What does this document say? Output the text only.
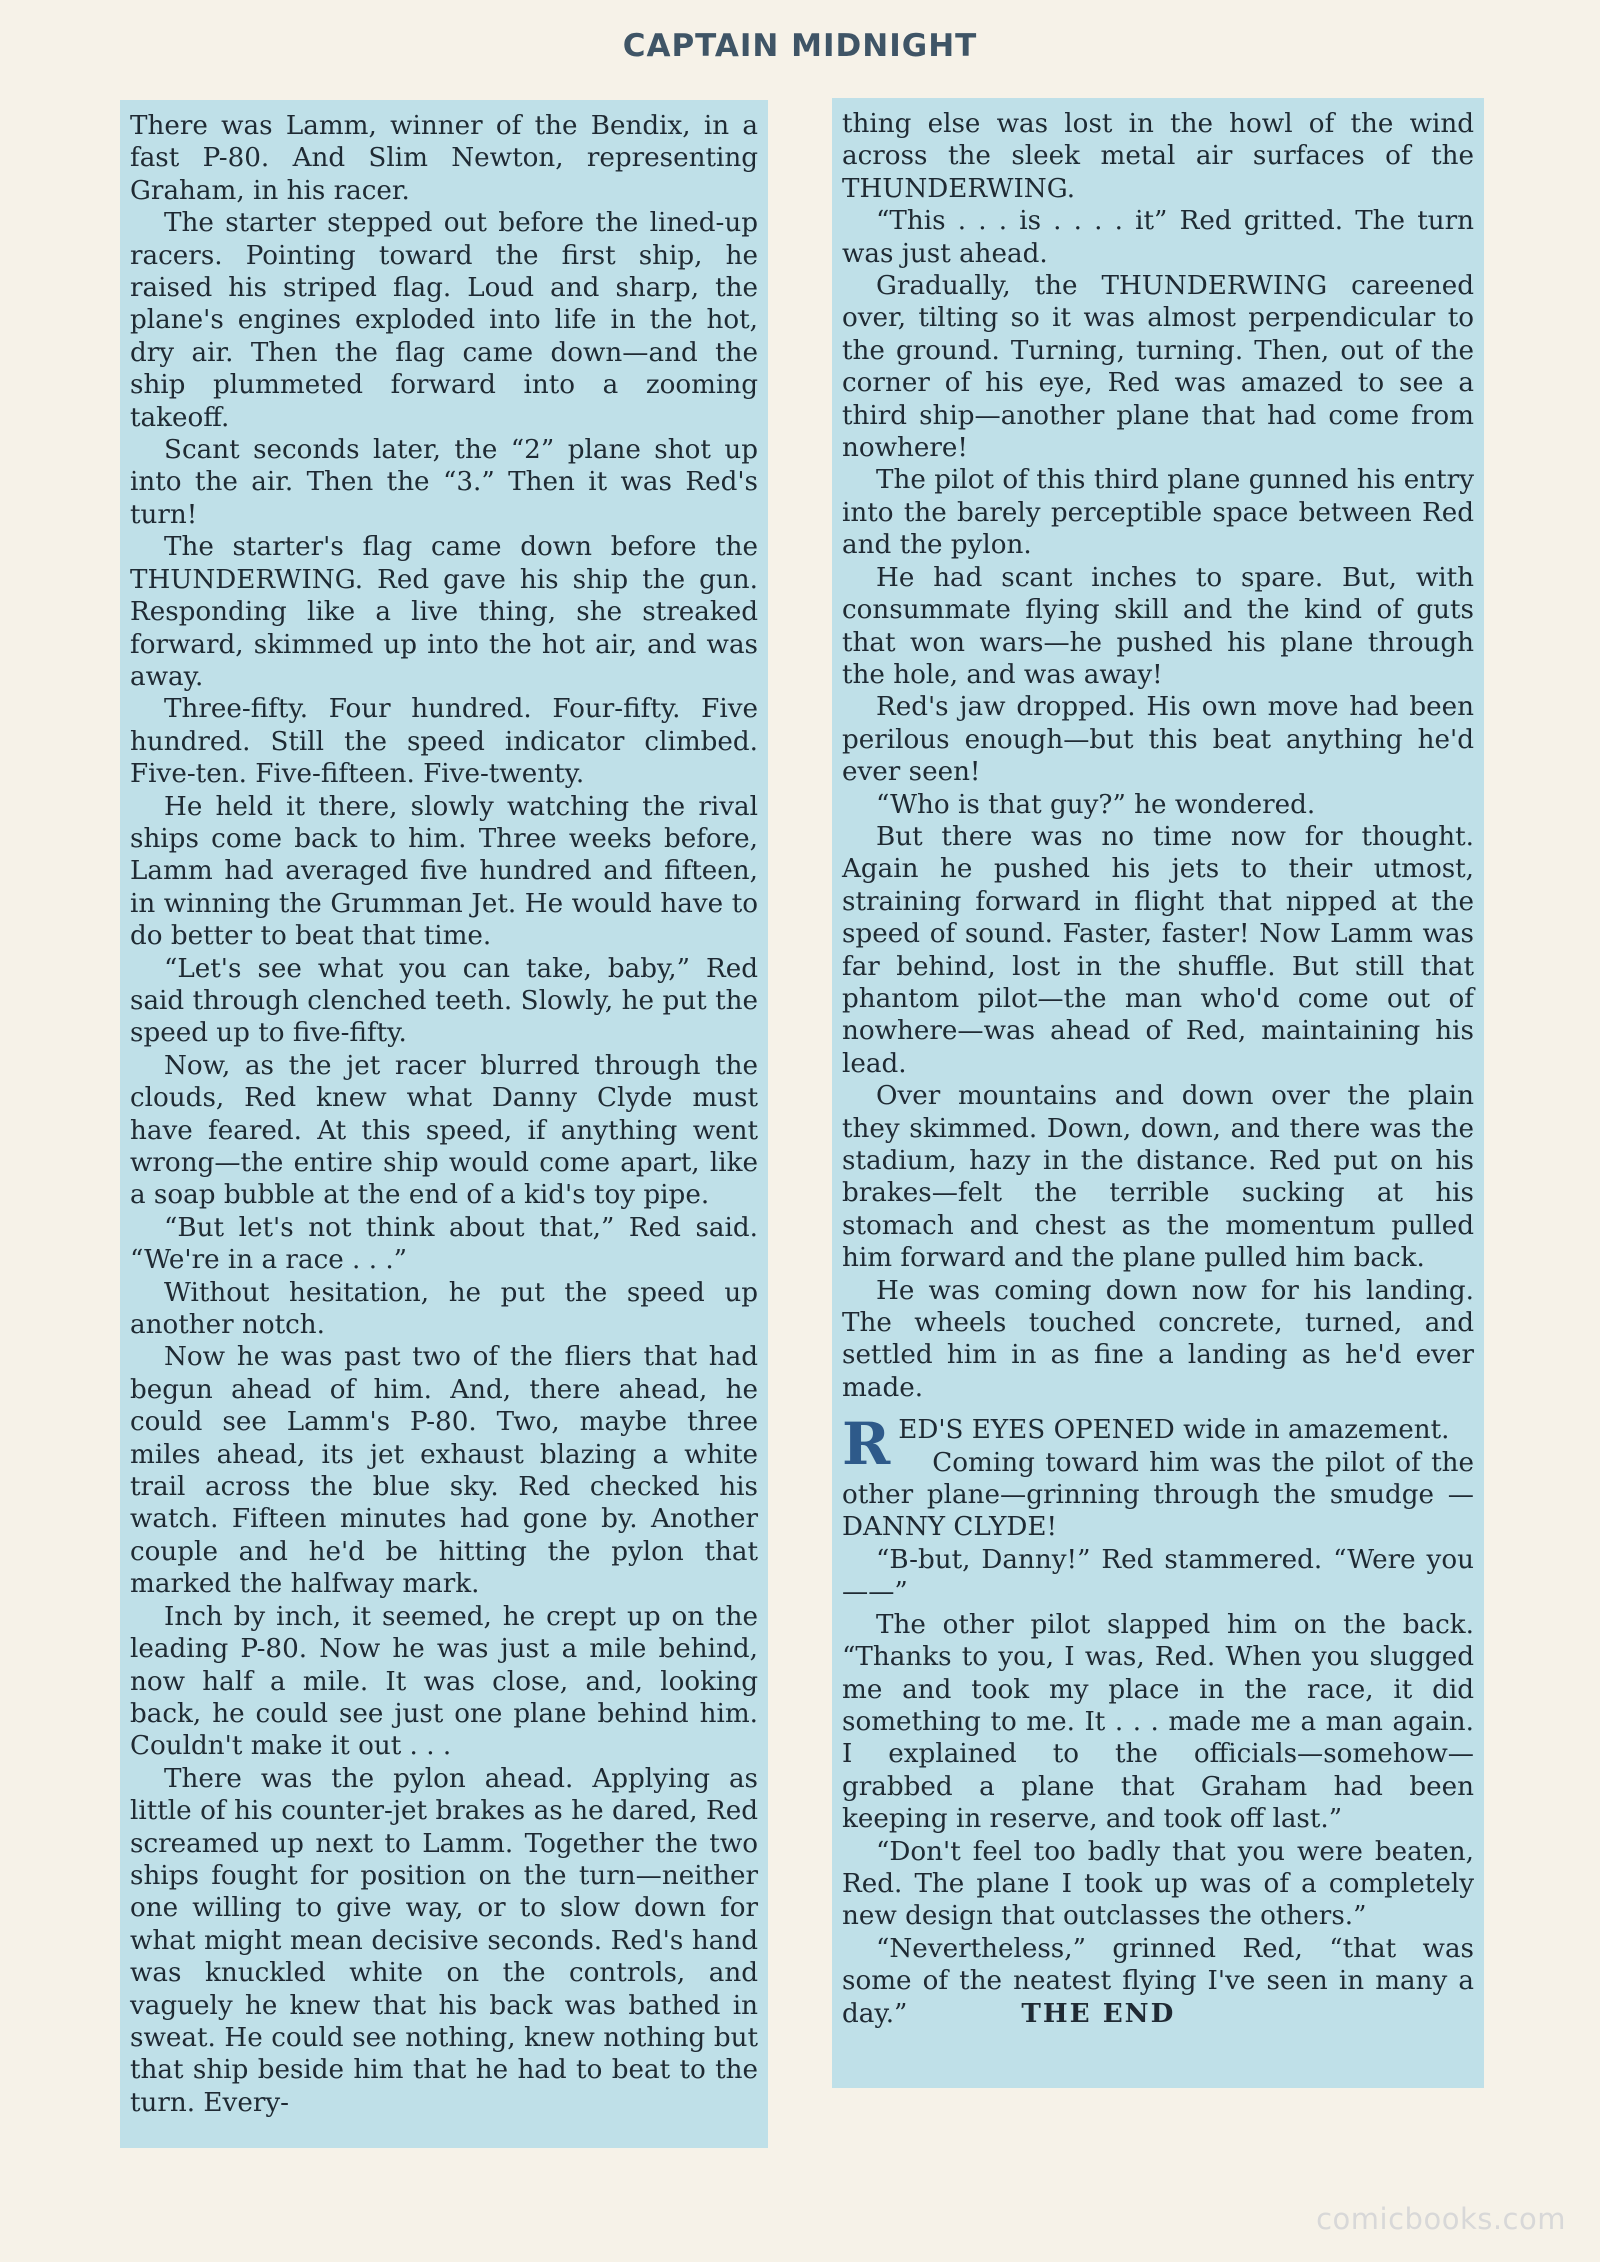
CAPTAIN MIDNIGHT

There was Lamm, winner of the Bendix, in a fast P-80. And Slim Newton, representing Graham, in his racer.

The starter stepped out before the lined-up racers. Pointing toward the first ship, he raised his striped flag. Loud and sharp, the plane's engines exploded into life in the hot, dry air. Then the flag came down—and the ship plummeted forward into a zooming takeoff.

Scant seconds later, the “2” plane shot up into the air. Then the “3.” Then it was Red's turn!

The starter's flag came down before the THUNDERWING. Red gave his ship the gun. Responding like a live thing, she streaked forward, skimmed up into the hot air, and was away.

Three-fifty. Four hundred. Four-fifty. Five hundred. Still the speed indicator climbed. Five-ten. Five-fifteen. Five-twenty.

He held it there, slowly watching the rival ships come back to him. Three weeks before, Lamm had averaged five hundred and fifteen, in winning the Grumman Jet. He would have to do better to beat that time.

“Let's see what you can take, baby,” Red said through clenched teeth. Slowly, he put the speed up to five-fifty.

Now, as the jet racer blurred through the clouds, Red knew what Danny Clyde must have feared. At this speed, if anything went wrong—the entire ship would come apart, like a soap bubble at the end of a kid's toy pipe.

“But let's not think about that,” Red said. “We're in a race . . .”

Without hesitation, he put the speed up another notch.

Now he was past two of the fliers that had begun ahead of him. And, there ahead, he could see Lamm's P-80. Two, maybe three miles ahead, its jet exhaust blazing a white trail across the blue sky. Red checked his watch. Fifteen minutes had gone by. Another couple and he'd be hitting the pylon that marked the halfway mark.

Inch by inch, it seemed, he crept up on the leading P-80. Now he was just a mile behind, now half a mile. It was close, and, looking back, he could see just one plane behind him. Couldn't make it out . . .

There was the pylon ahead. Applying as little of his counter-jet brakes as he dared, Red screamed up next to Lamm. Together the two ships fought for position on the turn—neither one willing to give way, or to slow down for what might mean decisive seconds. Red's hand was knuckled white on the controls, and vaguely he knew that his back was bathed in sweat. He could see nothing, knew nothing but that ship beside him that he had to beat to the turn. Every-

thing else was lost in the howl of the wind across the sleek metal air surfaces of the THUNDERWING.

“This . . . is . . . . it” Red gritted. The turn was just ahead.

Gradually, the THUNDERWING careened over, tilting so it was almost perpendicular to the ground. Turning, turning. Then, out of the corner of his eye, Red was amazed to see a third ship—another plane that had come from nowhere!

The pilot of this third plane gunned his entry into the barely perceptible space between Red and the pylon.

He had scant inches to spare. But, with consummate flying skill and the kind of guts that won wars—he pushed his plane through the hole, and was away!

Red's jaw dropped. His own move had been perilous enough—but this beat anything he'd ever seen!

“Who is that guy?” he wondered.

But there was no time now for thought. Again he pushed his jets to their utmost, straining forward in flight that nipped at the speed of sound. Faster, faster! Now Lamm was far behind, lost in the shuffle. But still that phantom pilot—the man who'd come out of nowhere—was ahead of Red, maintaining his lead.

Over mountains and down over the plain they skimmed. Down, down, and there was the stadium, hazy in the distance. Red put on his brakes—felt the terrible sucking at his stomach and chest as the momentum pulled him forward and the plane pulled him back.

He was coming down now for his landing. The wheels touched concrete, turned, and settled him in as fine a landing as he'd ever made.

RED'S EYES OPENED wide in amazement.

Coming toward him was the pilot of the other plane—grinning through the smudge —DANNY CLYDE!

“B-but, Danny!” Red stammered. “Were you——”

The other pilot slapped him on the back. “Thanks to you, I was, Red. When you slugged me and took my place in the race, it did something to me. It . . . made me a man again. I explained to the officials—somehow—grabbed a plane that Graham had been keeping in reserve, and took off last.”

“Don't feel too badly that you were beaten, Red. The plane I took up was of a completely new design that outclasses the others.”

“Nevertheless,” grinned Red, “that was some of the neatest flying I've seen in many a day.”	THE END

comicbooks.com
